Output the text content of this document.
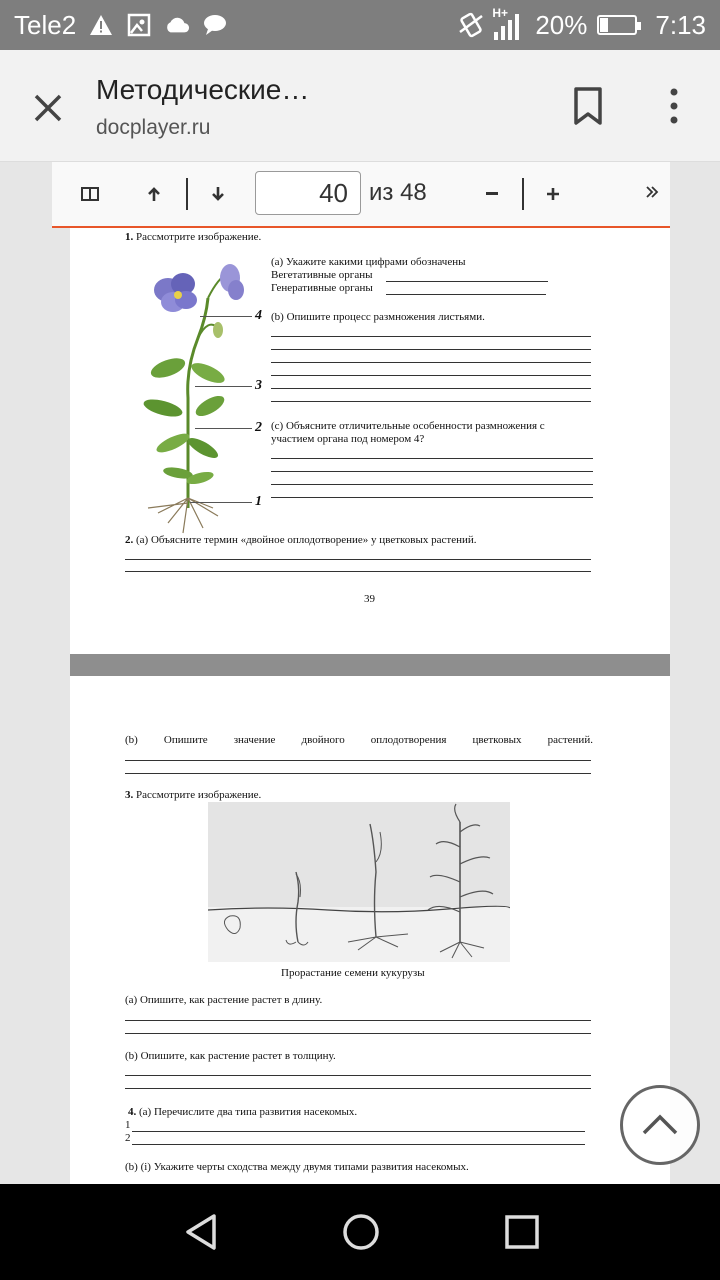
Tele2	H+ 20%	7:13
Методические…
docplayer.ru
1. Рассмотрите изображение.
4
3
2
1
(a) Укажите какими цифрами обозначены
Вегетативные органы
Генеративные органы
(b) Опишите процесс размножения листьями.
(c) Объясните отличительные особенности размножения с
участием органа под номером 4?
2. (a) Объясните термин «двойное оплодотворение» у цветковых растений.
39
(b) Опишите значение двойного оплодотворения цветковых растений.
3. Рассмотрите изображение.
Прорастание семени кукурузы
(a) Опишите, как растение растет в длину.
(b) Опишите, как растение растет в толщину.
4. (a) Перечислите два типа развития насекомых.
1
2
(b) (i) Укажите черты сходства между двумя типами развития насекомых.
40 из 48
